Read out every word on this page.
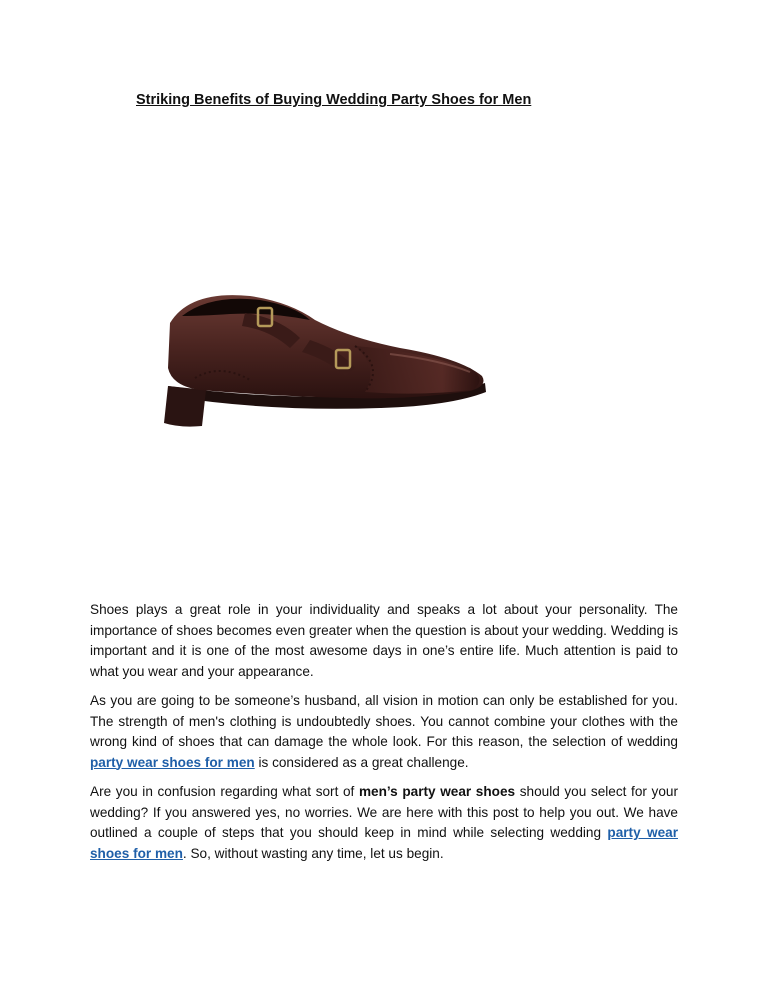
Striking Benefits of Buying Wedding Party Shoes for Men

Shoes plays a great role in your individuality and speaks a lot about your personality. The importance of shoes becomes even greater when the question is about your wedding. Wedding is important and it is one of the most awesome days in one’s entire life. Much attention is paid to what you wear and your appearance.

As you are going to be someone’s husband, all vision in motion can only be established for you. The strength of men's clothing is undoubtedly shoes. You cannot combine your clothes with the wrong kind of shoes that can damage the whole look. For this reason, the selection of wedding party wear shoes for men is considered as a great challenge.

Are you in confusion regarding what sort of men’s party wear shoes should you select for your wedding? If you answered yes, no worries. We are here with this post to help you out. We have outlined a couple of steps that you should keep in mind while selecting wedding party wear shoes for men. So, without wasting any time, let us begin.
